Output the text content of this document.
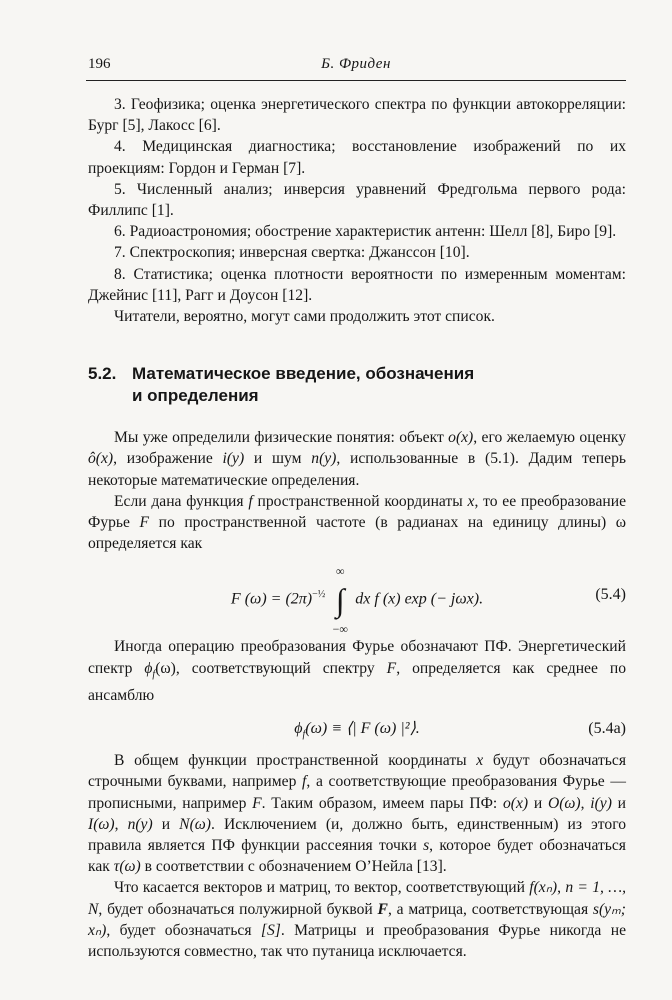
196	Б. Фриден

3. Геофизика; оценка энергетического спектра по функции автокорреляции: Бург [5], Лакосс [6].

4. Медицинская диагностика; восстановление изображений по их проекциям: Гордон и Герман [7].

5. Численный анализ; инверсия уравнений Фредгольма первого рода: Филлипс [1].

6. Радиоастрономия; обострение характеристик антенн: Шелл [8], Биро [9].

7. Спектроскопия; инверсная свертка: Джанссон [10].

8. Статистика; оценка плотности вероятности по измеренным моментам: Джейнис [11], Рагг и Доусон [12].

Читатели, вероятно, могут сами продолжить этот список.

5.2. Математическое введение, обозначения
и определения

Мы уже определили физические понятия: объект o(x), его желаемую оценку ô(x), изображение i(y) и шум n(y), использованные в (5.1). Дадим теперь некоторые математические определения.

Если дана функция f пространственной координаты x, то ее преобразование Фурье F по пространственной частоте (в радианах на единицу длины) ω определяется как

F $(\omega) = (2\pi)^{-\frac{1}{2}}$
∞
∫
−∞
dx f (x) exp (− jωx).	(5.4)

Иногда операцию преобразования Фурье обозначают ПФ. Энергетический спектр $\phi_f(\omega)$, соответствующий спектру F, определяется как среднее по ансамблю

$\phi_f(\omega)$ ≡ ⟨| F (ω) |²⟩.	(5.4a)

В общем функции пространственной координаты x будут обозначаться строчными буквами, например f, а соответствующие преобразования Фурье — прописными, например F. Таким образом, имеем пары ПФ: o(x) и O(ω), i(y) и I(ω), n(y) и N(ω). Исключением (и, должно быть, единственным) из этого правила является ПФ функции рассеяния точки s, которое будет обозначаться как τ(ω) в соответствии с обозначением О’Нейла [13].

Что касается векторов и матриц, то вектор, соответствующий f(xₙ), n = 1, …, N, будет обозначаться полужирной буквой F, а матрица, соответствующая s(yₘ; xₙ), будет обозначаться [S]. Матрицы и преобразования Фурье никогда не используются совместно, так что путаница исключается.
